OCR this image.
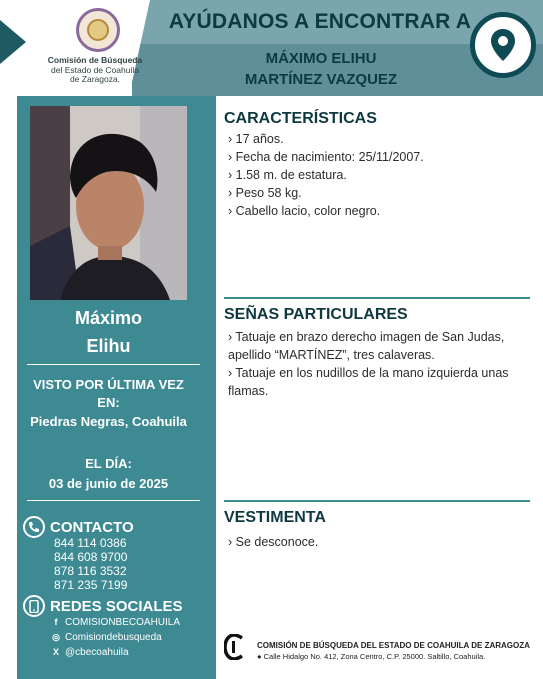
Comisión de Búsqueda
del Estado de Coahuila
de Zaragoza.
AYÚDANOS A ENCONTRAR A
MÁXIMO ELIHU
MARTÍNEZ VAZQUEZ
Máximo
Elihu
VISTO POR ÚLTIMA VEZ
EN:
Piedras Negras, Coahuila
EL DÍA:
03 de junio de 2025
CONTACTO
844 114 0386
844 608 9700
878 116 3532
871 235 7199
REDES SOCIALES
f COMISIONBECOAHUILA
◎ Comisiondebusqueda
X @cbecoahuila
CARACTERÍSTICAS
› 17 años.
› Fecha de nacimiento: 25/11/2007.
› 1.58 m. de estatura.
› Peso 58 kg.
› Cabello lacio, color negro.
SEÑAS PARTICULARES
› Tatuaje en brazo derecho imagen de San Judas, apellido “MARTÍNEZ”, tres calaveras.
› Tatuaje en los nudillos de la mano izquierda unas flamas.
VESTIMENTA
› Se desconoce.
COMISIÓN DE BÚSQUEDA DEL ESTADO DE COAHUILA DE ZARAGOZA
● Calle Hidalgo No. 412, Zona Centro, C.P. 25000. Saltillo, Coahuila.
